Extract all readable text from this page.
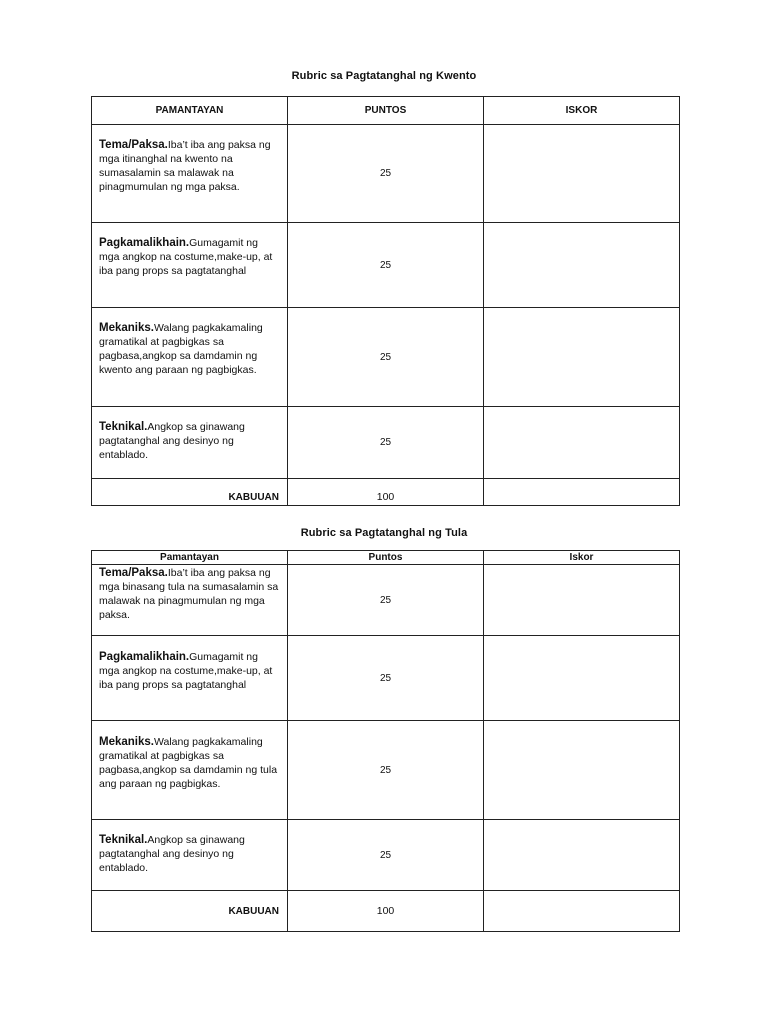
Rubric sa Pagtatanghal ng Kwento
PAMANTAYAN	PUNTOS	ISKOR
Tema/Paksa.Iba’t iba ang paksa ng mga itinanghal na kwento na sumasalamin sa malawak na pinagmumulan ng mga paksa.	25	
Pagkamalikhain.Gumagamit ng mga angkop na costume,make-up, at iba pang props sa pagtatanghal	25	
Mekaniks.Walang pagkakamaling gramatikal at pagbigkas sa pagbasa,angkop sa damdamin ng kwento ang paraan ng pagbigkas.	25	
Teknikal.Angkop sa ginawang pagtatanghal ang desinyo ng entablado.	25	
KABUUAN	100	
Rubric sa Pagtatanghal ng Tula
Pamantayan	Puntos	Iskor
Tema/Paksa.Iba’t iba ang paksa ng mga binasang tula na sumasalamin sa malawak na pinagmumulan ng mga paksa.	25	
Pagkamalikhain.Gumagamit ng mga angkop na costume,make-up, at iba pang props sa pagtatanghal	25	
Mekaniks.Walang pagkakamaling gramatikal at pagbigkas sa pagbasa,angkop sa damdamin ng tula ang paraan ng pagbigkas.	25	
Teknikal.Angkop sa ginawang pagtatanghal ang desinyo ng entablado.	25	
KABUUAN	100	
